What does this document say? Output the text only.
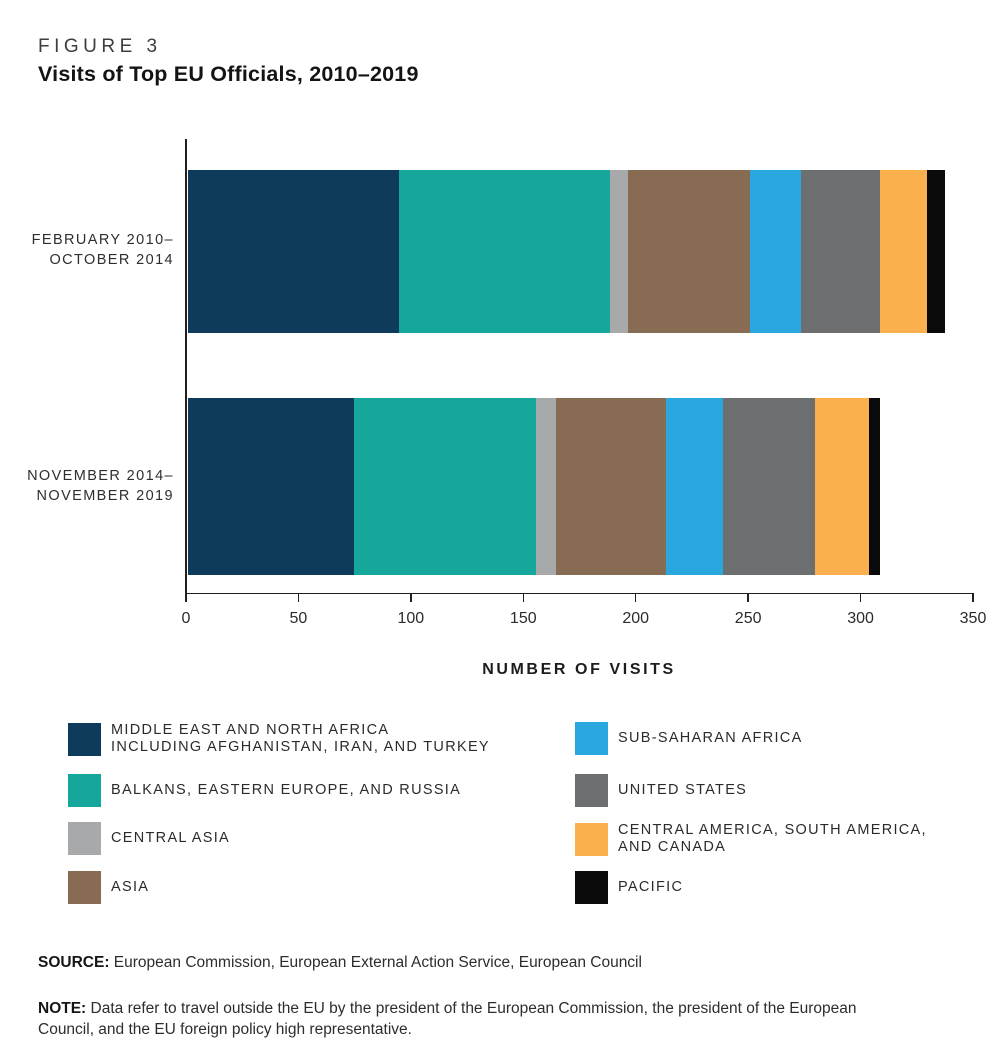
FIGURE 3
Visits of Top EU Officials, 2010–2019
0	50	100	150	200	250	300	350
FEBRUARY 2010–
OCTOBER 2014
NOVEMBER 2014–
NOVEMBER 2019
NUMBER OF VISITS
MIDDLE EAST AND NORTH AFRICA
INCLUDING AFGHANISTAN, IRAN, AND TURKEY
BALKANS, EASTERN EUROPE, AND RUSSIA
CENTRAL ASIA
ASIA
SUB-SAHARAN AFRICA
UNITED STATES
CENTRAL AMERICA, SOUTH AMERICA,
AND CANADA
PACIFIC

SOURCE: European Commission, European External Action Service, European Council

NOTE: Data refer to travel outside the EU by the president of the European Commission, the president of the European Council, and the EU foreign policy high representative.
